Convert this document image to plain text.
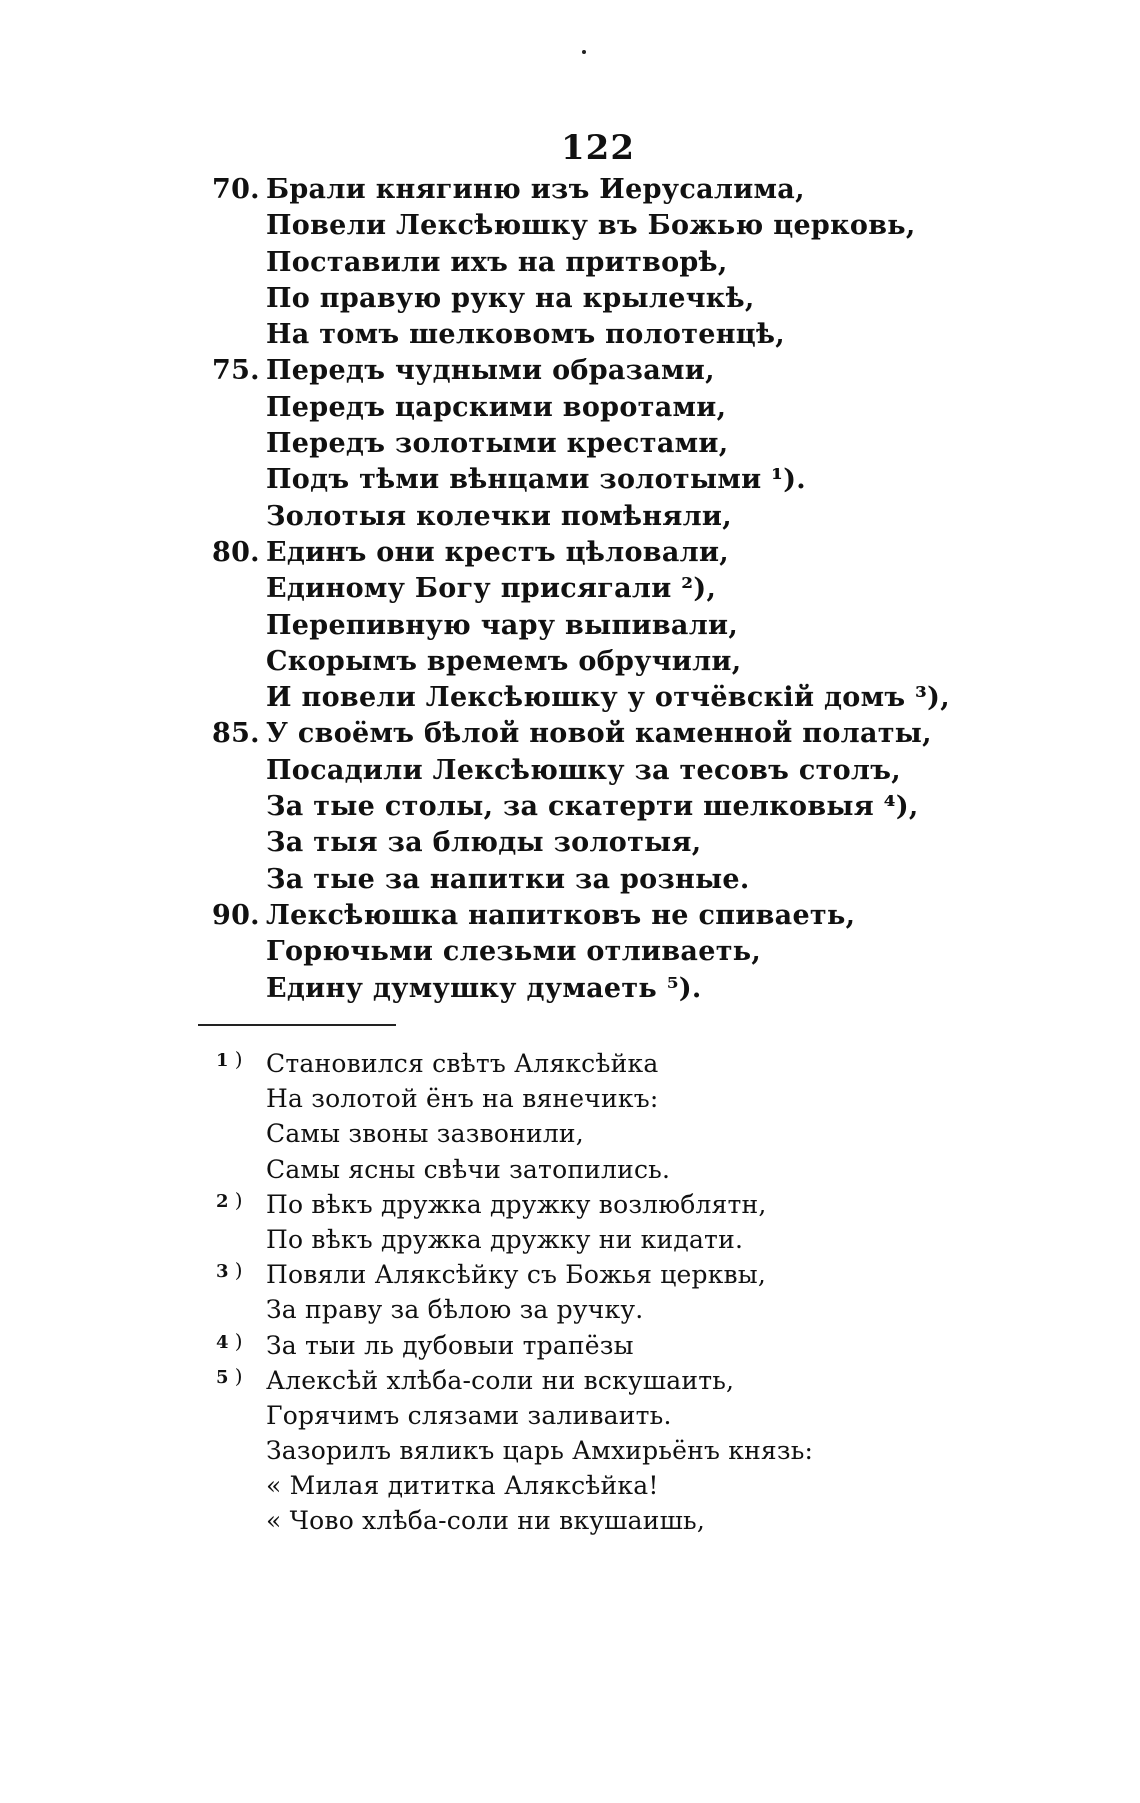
122
70. Брали княгиню изъ Иерусалима,
Повели Лексѣюшку въ Божью церковь,
Поставили ихъ на притворѣ,
По правую руку на крылечкѣ,
На томъ шелковомъ полотенцѣ,
75. Передъ чудными образами,
Передъ царскими воротами,
Передъ золотыми крестами,
Подъ тѣми вѣнцами золотыми ¹).
Золотыя колечки помѣняли,
80. Единъ они крестъ цѣловали,
Единому Богу присягали ²),
Перепивную чару выпивали,
Скорымъ времемъ обручили,
И повели Лексѣюшку у отчёвскій домъ ³),
85. У своёмъ бѣлой новой каменной полаты,
Посадили Лексѣюшку за тесовъ столъ,
За тые столы, за скатерти шелковыя ⁴),
За тыя за блюды золотыя,
За тые за напитки за розные.
90. Лексѣюшка напитковъ не спиваеть,
Горючьми слезьми отливаеть,
Едину думушку думаеть ⁵).
1 ) Становился свѣтъ Аляксѣйка
На золотой ёнъ на вянечикъ:
Самы звоны зазвонили,
Самы ясны свѣчи затопились.
2 ) По вѣкъ дружка дружку возлюблятн,
По вѣкъ дружка дружку ни кидати.
3 ) Повяли Аляксѣйку съ Божья церквы,
За праву за бѣлою за ручку.
4 ) За тыи ль дубовыи трапёзы
5 ) Алексѣй хлѣба-соли ни вскушаить,
Горячимъ слязами заливаить.
Зазорилъ вяликъ царь Амхирьёнъ князь:
« Милая дититка Аляксѣйка!
« Чово хлѣба-соли ни вкушаишь,
